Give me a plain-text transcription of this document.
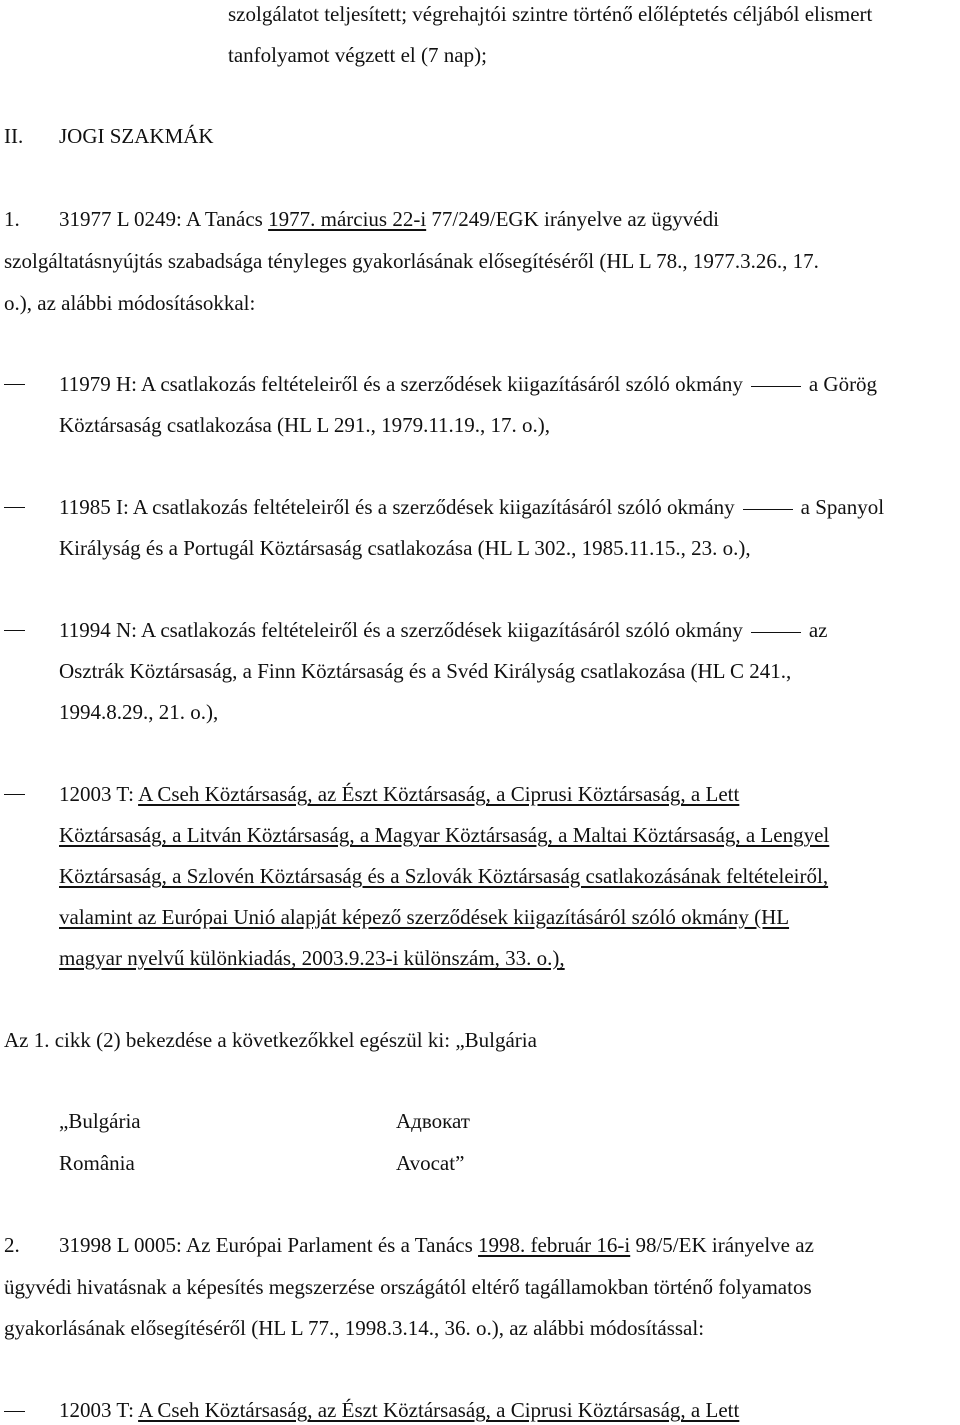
szolgálatot teljesített; végrehajtói szintre történő előléptetés céljából elismert
tanfolyamot végzett el (7 nap);
II. JOGI SZAKMÁK
1. 31977 L 0249: A Tanács 1977. március 22-i 77/249/EGK irányelve az ügyvédi
szolgáltatásnyújtás szabadsága tényleges gyakorlásának elősegítéséről (HL L 78., 1977.3.26., 17.
o.), az alábbi módosításokkal:
11979 H: A csatlakozás feltételeiről és a szerződések kiigazításáról szóló okmány	a Görög
Köztársaság csatlakozása (HL L 291., 1979.11.19., 17. o.),
11985 I: A csatlakozás feltételeiről és a szerződések kiigazításáról szóló okmány	a Spanyol
Királyság és a Portugál Köztársaság csatlakozása (HL L 302., 1985.11.15., 23. o.),
11994 N: A csatlakozás feltételeiről és a szerződések kiigazításáról szóló okmány	az
Osztrák Köztársaság, a Finn Köztársaság és a Svéd Királyság csatlakozása (HL C 241.,
1994.8.29., 21. o.),
12003 T: A Cseh Köztársaság, az Észt Köztársaság, a Ciprusi Köztársaság, a Lett
Köztársaság, a Litván Köztársaság, a Magyar Köztársaság, a Maltai Köztársaság, a Lengyel
Köztársaság, a Szlovén Köztársaság és a Szlovák Köztársaság csatlakozásának feltételeiről,
valamint az Európai Unió alapját képező szerződések kiigazításáról szóló okmány (HL
magyar nyelvű különkiadás, 2003.9.23-i különszám, 33. o.),
Az 1. cikk (2) bekezdése a következőkkel egészül ki: „Bulgária
„Bulgária	Адвокат
România	Avocat”
2. 31998 L 0005: Az Európai Parlament és a Tanács 1998. február 16-i 98/5/EK irányelve az
ügyvédi hivatásnak a képesítés megszerzése országától eltérő tagállamokban történő folyamatos
gyakorlásának elősegítéséről (HL L 77., 1998.3.14., 36. o.), az alábbi módosítással:
12003 T: A Cseh Köztársaság, az Észt Köztársaság, a Ciprusi Köztársaság, a Lett
